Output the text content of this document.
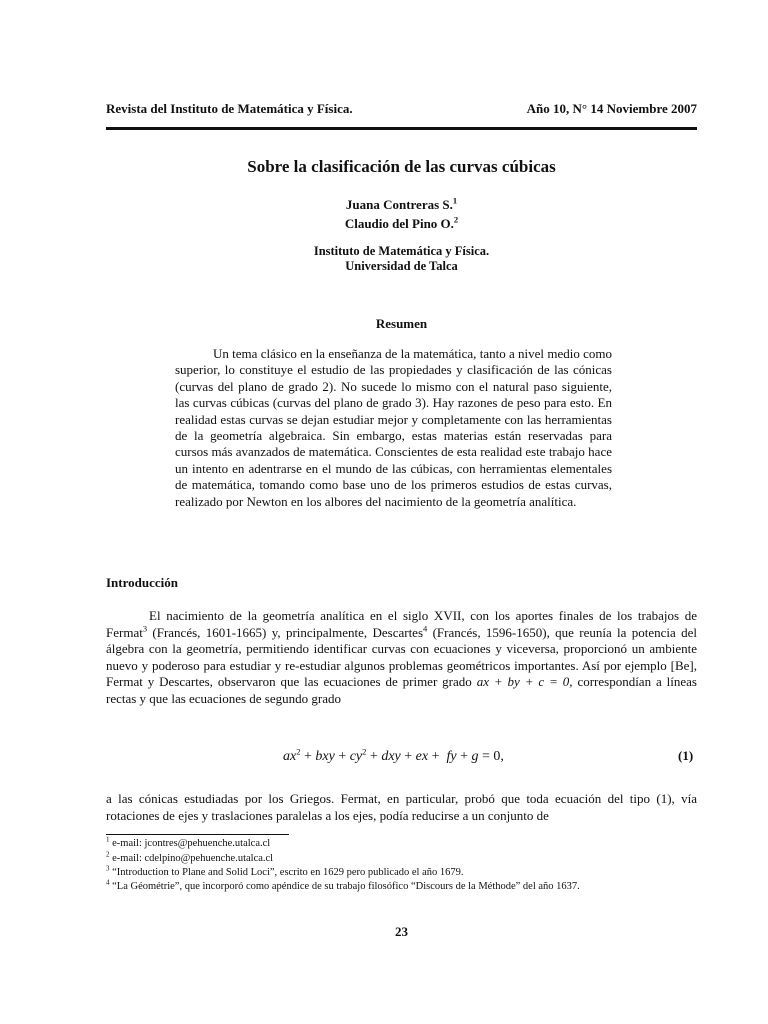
Revista del Instituto de Matemática y Física.	Año 10, N° 14 Noviembre 2007
Sobre la clasificación de las curvas cúbicas
Juana Contreras S.$^1$
Claudio del Pino O.$^2$
Instituto de Matemática y Física.
Universidad de Talca
Resumen

Un tema clásico en la enseñanza de la matemática, tanto a nivel medio como superior, lo constituye el estudio de las propiedades y clasificación de las cónicas (curvas del plano de grado 2). No sucede lo mismo con el natural paso siguiente, las curvas cúbicas (curvas del plano de grado 3). Hay razones de peso para esto. En realidad estas curvas se dejan estudiar mejor y completamente con las herramientas de la geometría algebraica. Sin embargo, estas materias están reservadas para cursos más avanzados de matemática. Conscientes de esta realidad este trabajo hace un intento en adentrarse en el mundo de las cúbicas, con herramientas elementales de matemática, tomando como base uno de los primeros estudios de estas curvas, realizado por Newton en los albores del nacimiento de la geometría analítica.

Introducción

El nacimiento de la geometría analítica en el siglo XVII, con los aportes finales de los trabajos de Fermat$^3$ (Francés, 1601-1665) y, principalmente, Descartes$^4$ (Francés, 1596-1650), que reunía la potencia del álgebra con la geometría, permitiendo identificar curvas con ecuaciones y viceversa, proporcionó un ambiente nuevo y poderoso para estudiar y re-estudiar algunos problemas geométricos importantes. Así por ejemplo [Be], Fermat y Descartes, observaron que las ecuaciones de primer grado ax + by + c = 0, correspondían a líneas rectas y que las ecuaciones de segundo grado

$ax^2$ + bxy + $cy^2$ + dxy + ex +  fy + g = 0,	(1)

a las cónicas estudiadas por los Griegos. Fermat, en particular, probó que toda ecuación del tipo (1), vía rotaciones de ejes y traslaciones paralelas a los ejes, podía reducirse a un conjunto de

$^1$ e-mail: jcontres@pehuenche.utalca.cl
$^2$ e-mail: cdelpino@pehuenche.utalca.cl
$^3$ “Introduction to Plane and Solid Loci”, escrito en 1629 pero publicado el año 1679.
$^4$ “La Géométrie”, que incorporó como apéndice de su trabajo filosófico “Discours de la Méthode” del año 1637.
23
